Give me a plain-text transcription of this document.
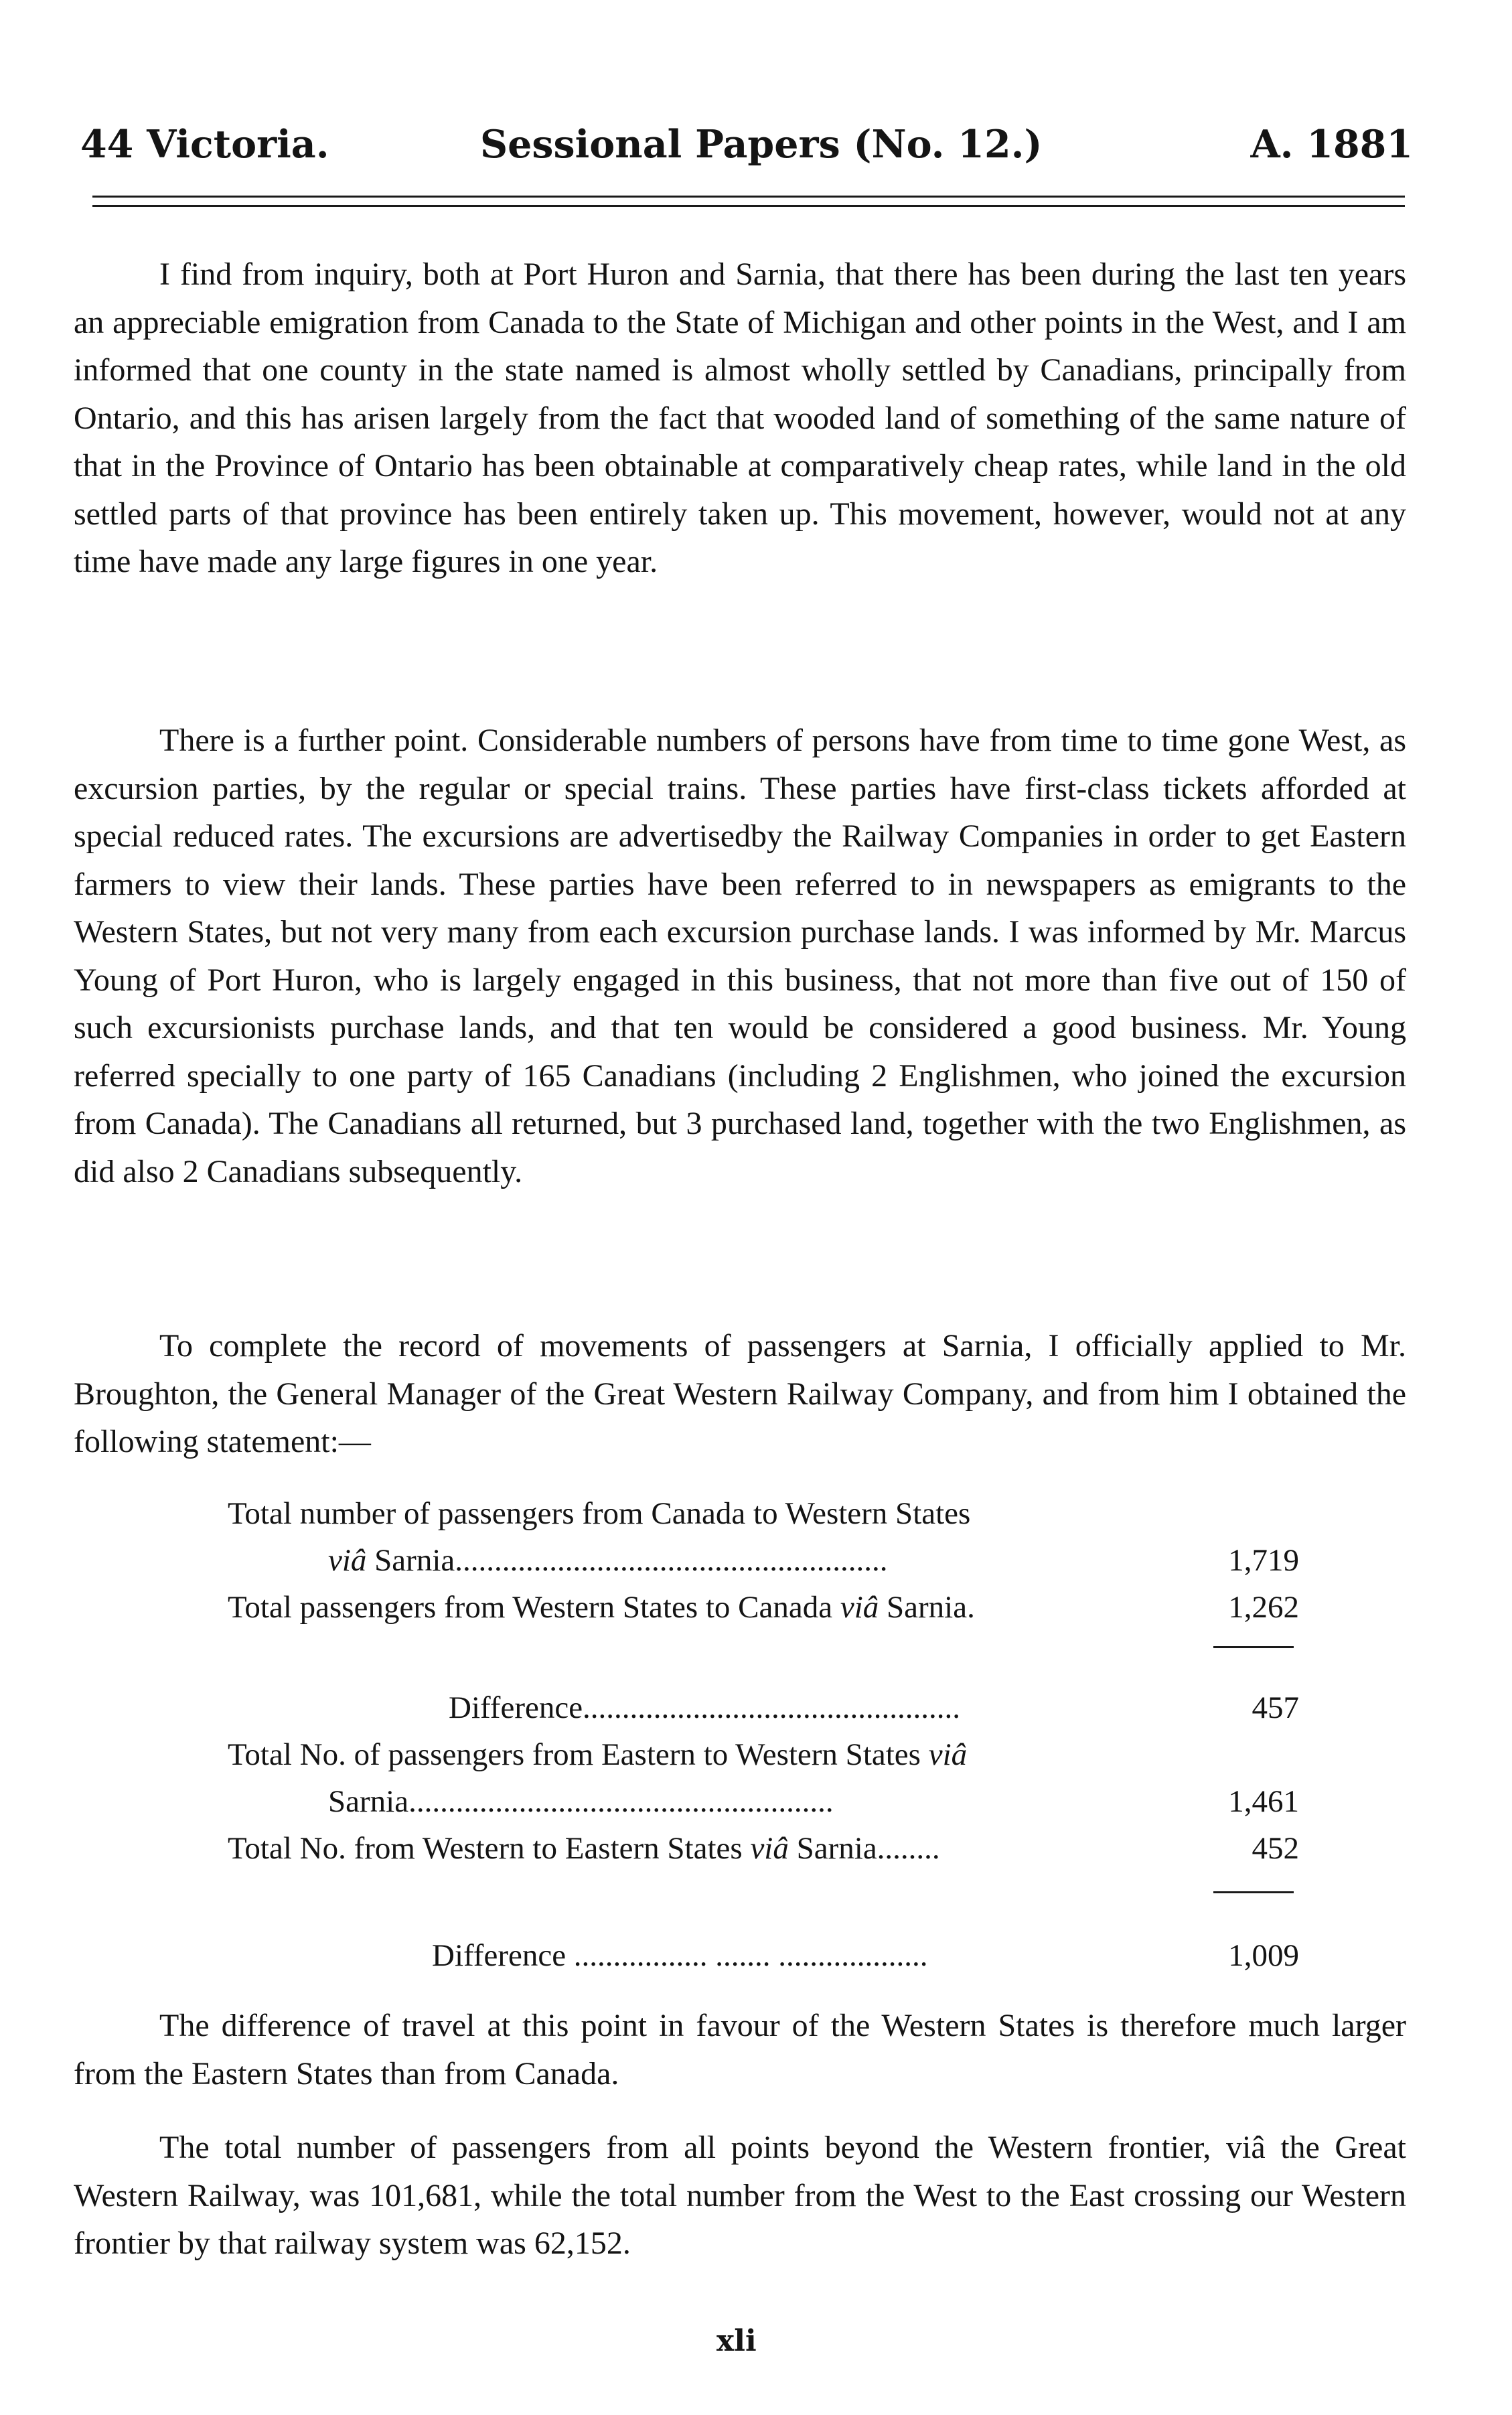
44 Victoria.	Sessional Papers (No. 12.)	A. 1881

I find from inquiry, both at Port Huron and Sarnia, that there has been during the last ten years an appreciable emigration from Canada to the State of Michigan and other points in the West, and I am informed that one county in the state named is almost wholly settled by Canadians, principally from Ontario, and this has arisen largely from the fact that wooded land of something of the same nature of that in the Province of Ontario has been obtainable at comparatively cheap rates, while land in the old settled parts of that province has been entirely taken up. This movement, however, would not at any time have made any large figures in one year.

There is a further point. Considerable numbers of persons have from time to time gone West, as excursion parties, by the regular or special trains. These parties have first-class tickets afforded at special reduced rates. The excursions are advertisedby the Railway Companies in order to get Eastern farmers to view their lands. These parties have been referred to in newspapers as emigrants to the Western States, but not very many from each excursion purchase lands. I was informed by Mr. Marcus Young of Port Huron, who is largely engaged in this business, that not more than five out of 150 of such excursionists purchase lands, and that ten would be considered a good business. Mr. Young referred specially to one party of 165 Canadians (including 2 Englishmen, who joined the excursion from Canada). The Canadians all returned, but 3 purchased land, together with the two Englishmen, as did also 2 Canadians subsequently.

To complete the record of movements of passengers at Sarnia, I officially applied to Mr. Broughton, the General Manager of the Great Western Railway Company, and from him I obtained the following statement:—

Total number of passengers from Canada to Western States
viâ Sarnia.......................................................	1,719
Total passengers from Western States to Canada viâ Sarnia.	1,262
Difference................................................	457
Total No. of passengers from Eastern to Western States viâ
Sarnia......................................................	1,461
Total No. from Western to Eastern States viâ Sarnia........	452
Difference ................. ....... ...................	1,009

The difference of travel at this point in favour of the Western States is therefore much larger from the Eastern States than from Canada.

The total number of passengers from all points beyond the Western frontier, viâ the Great Western Railway, was 101,681, while the total number from the West to the East crossing our Western frontier by that railway system was 62,152.

xli
